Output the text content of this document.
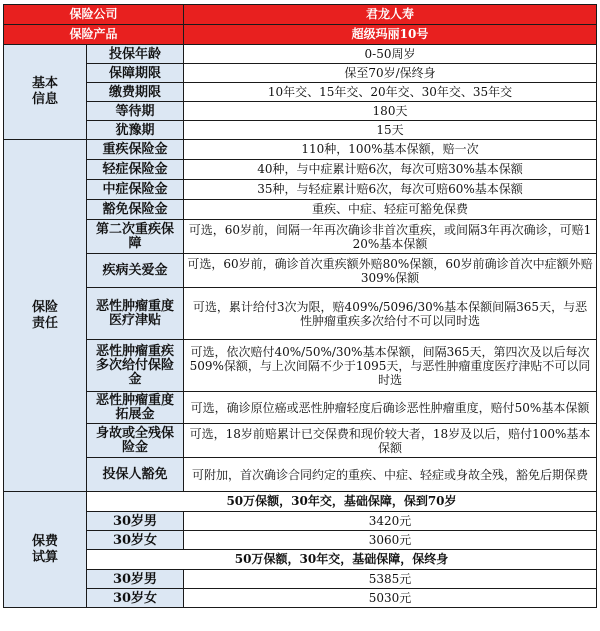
保险公司		君龙人寿
保险产品		超级玛丽10号
基本信息	投保年龄	0-50周岁
	保障期限	保至70岁/保终身
	缴费期限	10年交、15年交、20年交、30年交、35年交
	等待期	180天
	犹豫期	15天
保险责任	重疾保险金	110种，100%基本保额，赔一次
	轻症保险金	40种，与中症累计赔6次，每次可赔30%基本保额
	中症保险金	35种，与轻症累计赔6次，每次可赔60%基本保额
	豁免保险金	重疾、中症、轻症可豁免保费
	第二次重疾保障	可选，60岁前，间隔一年再次确诊非首次重疾，或间隔3年再次确诊，可赔120%基本保额
	疾病关爱金	可选，60岁前，确诊首次重疾额外赔80%保额，60岁前确诊首次中症额外赔309%保额
	恶性肿瘤重度医疗津贴	可选，累计给付3次为限，赔409%/5096/30%基本保额间隔365天，与恶性肿瘤重疾多次给付不可以同时选
	恶性肿瘤重疾多次给付保险金	可选，依次赔付40%/50%/30%基本保额，间隔365天，第四次及以后每次509%保额，与上次间隔不少于1095天，与恶性肿瘤重度医疗津贴不可以同时选
	恶性肿瘤重度拓展金	可选，确诊原位癌或恶性肿瘤轻度后确诊恶性肿瘤重度，赔付50%基本保额
	身故或全残保险金	可选，18岁前赔累计已交保费和现价较大者，18岁及以后，赔付100%基本保额
	投保人豁免	可附加，首次确诊合同约定的重疾、中症、轻症或身故全残，豁免后期保费
保费试算	50万保额，30年交，基础保障，保到70岁	
	30岁男	3420元
	30岁女	3060元
	50万保额，30年交，基础保障，保终身	
	30岁男	5385元
	30岁女	5030元
